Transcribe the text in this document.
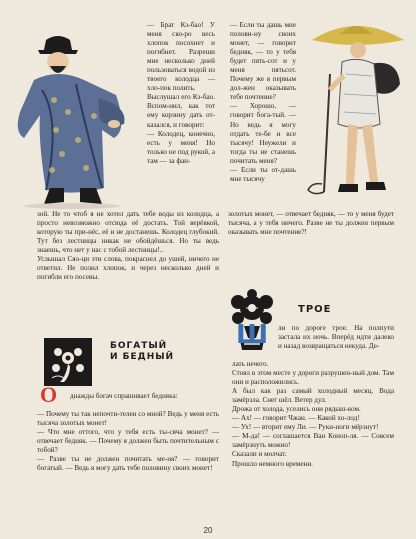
— Брат Кэ-бао! У меня ско-ро весь хлопок посохнет и погибнет. Разреши мне несколько дней пользоваться водой из твоего колодца — хло-пок полить.
Выслушал его Кэ-бао. Вспом-нил, как тот ему корзину дать от-казался, и говорит:
— Колодец, конечно, есть у меня! Но только не под рукой, а там — за фан-
— Если ты дашь мне полови-ну своих монет, — говорит бедняк, — то у тебя будет пять-сот и у меня пятьсот. Почему же я первым дол-жен оказывать тебе почтение?
— Хорошо, — говорит бога-тый. — Но ведь я могу отдать те-бе и все тысячу! Неужели и тогда ты не станешь почитать меня?
— Если ты от-дашь мне тысячу
зой. Не то чтоб я не хотел дать тебе воды из колодца, а просто невозможно отсюда её достать. Той верёвкой, которую ты при-нёс, её и не достанешь. Колодец глубокий. Тут без лестницы никак не обойдёшься. Но ты ведь знаешь, что нет у нас с тобой лестницы!..
Услышал Сяо-ци эти слова, покраснел до ушей, ничего не ответил. Не полил хлопок, и через несколько дней и погибли его посевы.
золотых монет, — отвечает бедняк, — то у меня будет тысяча, а у тебя ничего. Разве не ты должен первым оказывать мне почтение?!
БОГАТЫЙ
И БЕДНЫЙ
О днажды богач спрашивает бедняка:
— Почему ты так непочти-телен со мной? Ведь у меня есть тысяча золотых монет!
— Что мне оттого, что у тебя есть ты-сяча монет? — отвечает бедняк. — Почему я должен быть почтительным с тобой?
— Разве ты не должен почитать ме-ня? — говорит богатый. — Ведь я могу дать тебе половину своих монет!
ТРОЕ
Ш ли по дороге трое. На полпути застала их ночь. Вперёд идти далеко и назад возвращаться некуда. Де-
лать нечего.
Стоял в этом месте у дороги разрушен-ный дом. Там они и расположились.
А был как раз самый холодный месяц. Вода замёрзла. Снег шёл. Ветер дул.
Дрожа от холода, уселись они рядыш-ком.
— Ах! — говорит Чжан. — Какой хо-лод!
— Ух! — вторит ему Ли. — Руки-ноги мёрзнут!
— М-да! — соглашается Ван Коноп-ля. — Совсем замёрзнуть можно!
Сказали и молчат.
Прошло немного времени.
20
